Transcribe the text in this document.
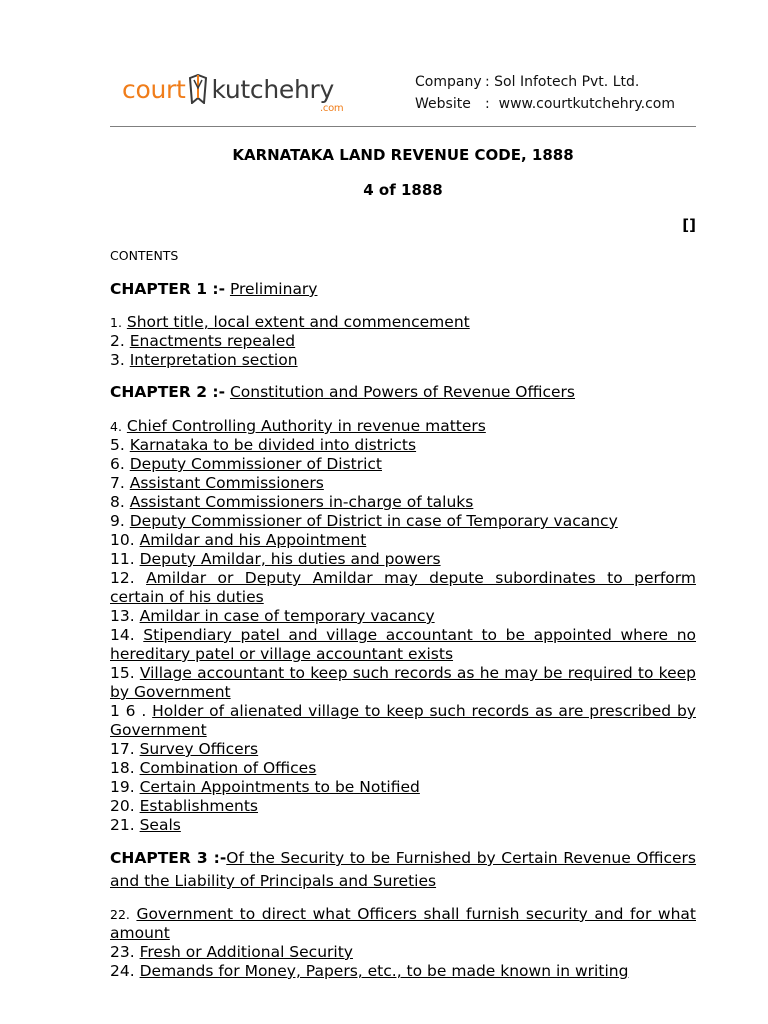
court kutchehry
.com
Company : Sol Infotech Pvt. Ltd.
Website : www.courtkutchehry.com
KARNATAKA LAND REVENUE CODE, 1888
4 of 1888
[]
CONTENTS
CHAPTER 1 :- Preliminary
1. Short title, local extent and commencement
2. Enactments repealed
3. Interpretation section
CHAPTER 2 :- Constitution and Powers of Revenue Officers
4. Chief Controlling Authority in revenue matters
5. Karnataka to be divided into districts
6. Deputy Commissioner of District
7. Assistant Commissioners
8. Assistant Commissioners in-charge of taluks
9. Deputy Commissioner of District in case of Temporary vacancy
10. Amildar and his Appointment
11. Deputy Amildar, his duties and powers
12. Amildar or Deputy Amildar may depute subordinates to perform certain of his duties
13. Amildar in case of temporary vacancy
14. Stipendiary patel and village accountant to be appointed where no hereditary patel or village accountant exists
15. Village accountant to keep such records as he may be required to keep by Government
1 6 . Holder of alienated village to keep such records as are prescribed by Government
17. Survey Officers
18. Combination of Offices
19. Certain Appointments to be Notified
20. Establishments
21. Seals
CHAPTER 3 :-Of the Security to be Furnished by Certain Revenue Officers and the Liability of Principals and Sureties
22. Government to direct what Officers shall furnish security and for what amount
23. Fresh or Additional Security
24. Demands for Money, Papers, etc., to be made known in writing
